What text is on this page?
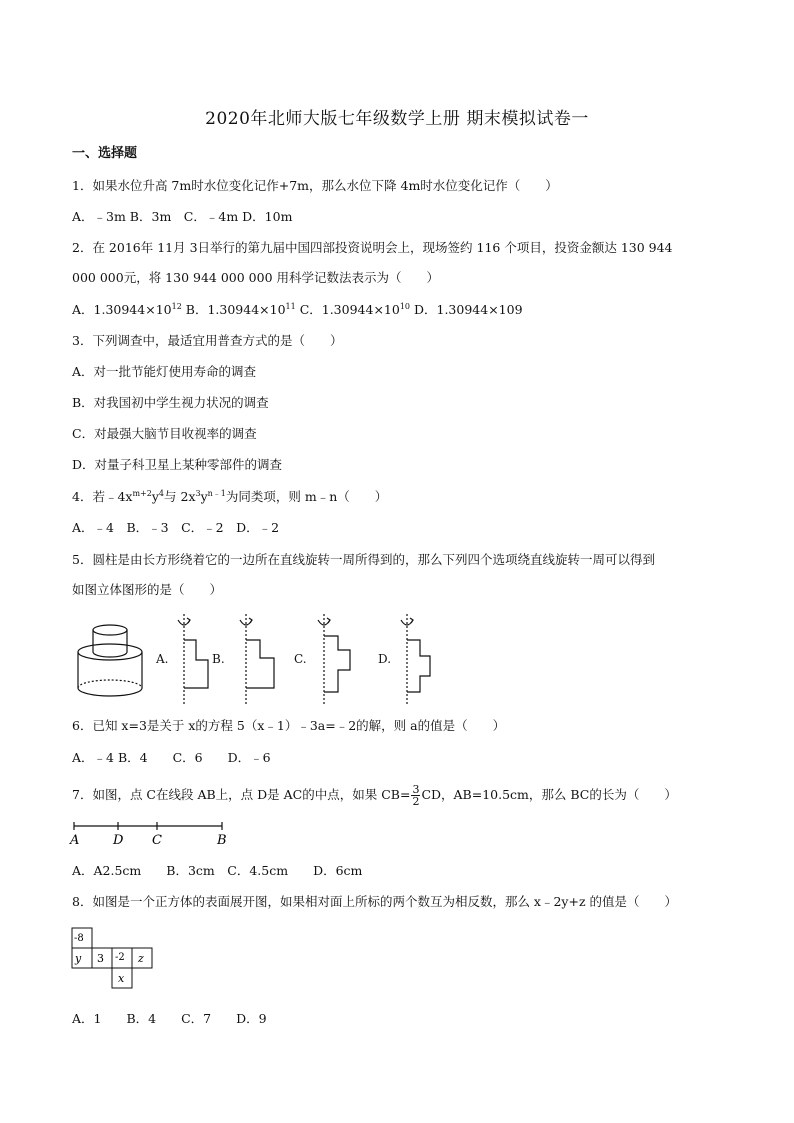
2020年北师大版七年级数学上册 期末模拟试卷一
一、选择题
1．如果水位升高 7m时水位变化记作+7m，那么水位下降 4m时水位变化记作（　　）
A．﹣3m B．3m　C．﹣4m D．10m
2．在 2016年 11月 3日举行的第九届中国四部投资说明会上，现场签约 116 个项目，投资金额达 130 944
000 000元，将 130 944 000 000 用科学记数法表示为（　　）
A．$1.30944\times 10^{12}$ B．$1.30944\times 10^{11}$ C．$1.30944\times 10^{10}$ D．1.30944×109
3．下列调查中，最适宜用普查方式的是（　　）
A．对一批节能灯使用寿命的调查
B．对我国初中学生视力状况的调查
C．对最强大脑节目收视率的调查
D．对量子科卫星上某种零部件的调查
4．若$﹣4x^{m+2}y^4$与 $2x^3y^{n﹣1}$为同类项，则 m﹣n（　　）
A．﹣4　B．﹣3　C．﹣2　D．﹣2
5．圆柱是由长方形绕着它的一边所在直线旋转一周所得到的，那么下列四个选项绕直线旋转一周可以得到
如图立体图形的是（　　）
A.	B.	C.	D.
6．已知 x=3是关于 x的方程 5（x﹣1）﹣3a=﹣2的解，则 a的值是（　　）
A．﹣4 B．4　　C．6　　D．﹣6
7．如图，点 C在线段 AB上，点 D是 AC的中点，如果 $CB= \frac{3}{2}$ CD，AB=10.5cm，那么 BC的长为（　　）
A	D C	B
A．A2.5cm　　B．3cm　C．4.5cm　　D．6cm
8．如图是一个正方体的表面展开图，如果相对面上所标的两个数互为相反数，那么 x﹣2y+z 的值是（　　）
-8
y 3 -2 z
x
A．1　　B．4　　C．7　　D．9
